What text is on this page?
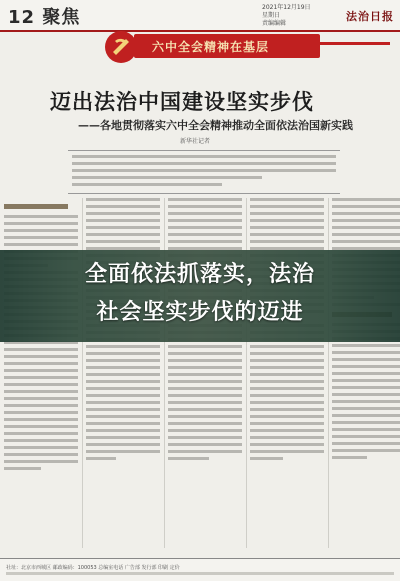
12 聚焦	2021年12月19日
星期日
责编编辑
法治日报
六中全会精神在基层
迈出法治中国建设坚实步伐
——各地贯彻落实六中全会精神推动全面依法治国新实践
新华社记者
全面依法抓落实，法治
社会坚实步伐的迈进
社址：北京市西城区 邮政编码：100053 总编室电话 广告部 发行部 印刷 定价
